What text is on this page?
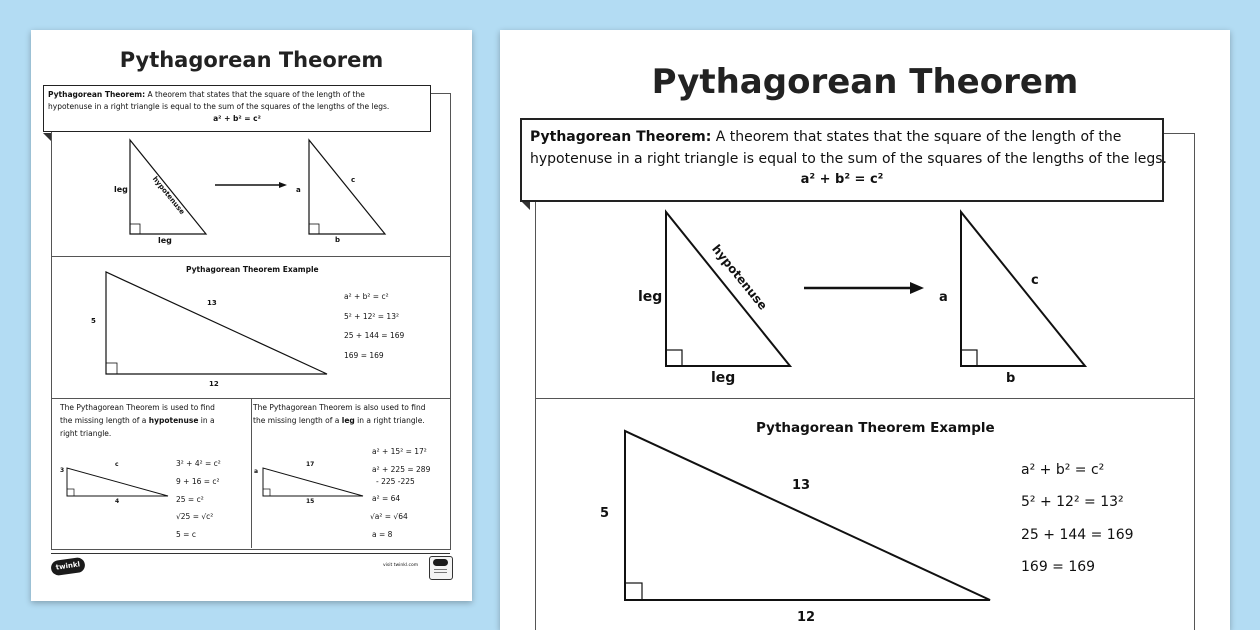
Pythagorean Theorem
Pythagorean Theorem: A theorem that states that the square of the length of the
hypotenuse in a right triangle is equal to the sum of the squares of the lengths of the legs.
a² + b² = c²
leg
leg
hypotenuse	a
b
c
Pythagorean Theorem Example
13
5
12
a² + b² = c²
5² + 12² = 13²
25 + 144 = 169
169 = 169
The Pythagorean Theorem is used to find
the missing length of a hypotenuse in a
right triangle.
3
c
4
3² + 4² = c²
9 + 16 = c²
25 = c²
√25 = √c²
5 = c
The Pythagorean Theorem is also used to find
the missing length of a leg in a right triangle.
a
17
15
a² + 15² = 17²
a² + 225 = 289
- 225 -225
a² = 64
√a² = √64
a = 8
twinkl	visit twinkl.com
Pythagorean Theorem
Pythagorean Theorem: A theorem that states that the square of the length of the
hypotenuse in a right triangle is equal to the sum of the squares of the lengths of the legs.
a² + b² = c²
leg
leg
hypotenuse	a
b
c
Pythagorean Theorem Example
13
5
12
a² + b² = c²
5² + 12² = 13²
25 + 144 = 169
169 = 169
